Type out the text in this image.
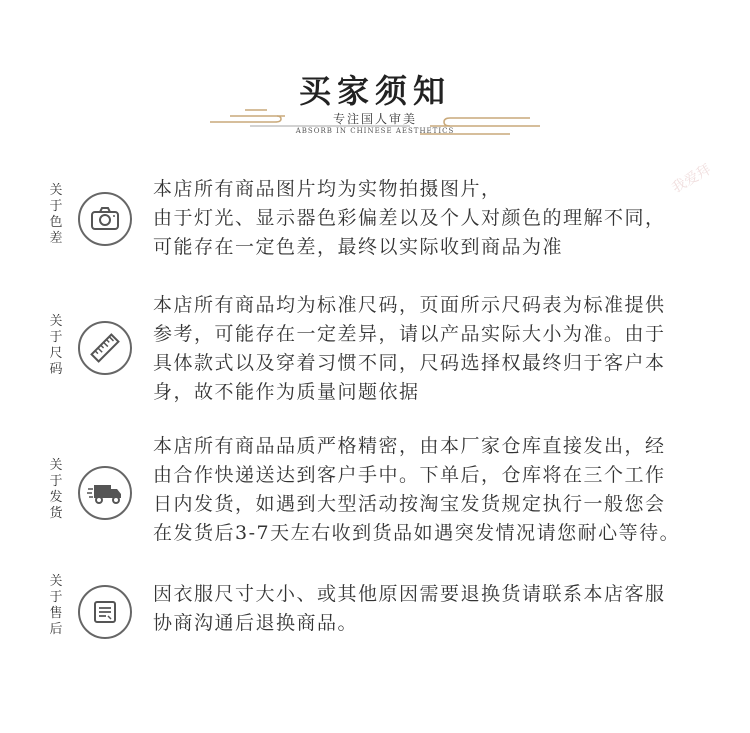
买家须知
专注国人审美
ABSORB IN CHINESE AESTHETICS
我爱拜
关
于
色
差

本店所有商品图片均为实物拍摄图片，

由于灯光、显示器色彩偏差以及个人对颜色的理解不同，

可能存在一定色差，最终以实际收到商品为准

关
于
尺
码

本店所有商品均为标准尺码，页面所示尺码表为标准提供

参考，可能存在一定差异，请以产品实际大小为准。由于

具体款式以及穿着习惯不同，尺码选择权最终归于客户本

身，故不能作为质量问题依据

关
于
发
货

本店所有商品品质严格精密，由本厂家仓库直接发出，经

由合作快递送达到客户手中。下单后，仓库将在三个工作

日内发货，如遇到大型活动按淘宝发货规定执行一般您会

在发货后3-7天左右收到货品如遇突发情况请您耐心等待。

关
于
售
后

因衣服尺寸大小、或其他原因需要退换货请联系本店客服

协商沟通后退换商品。
